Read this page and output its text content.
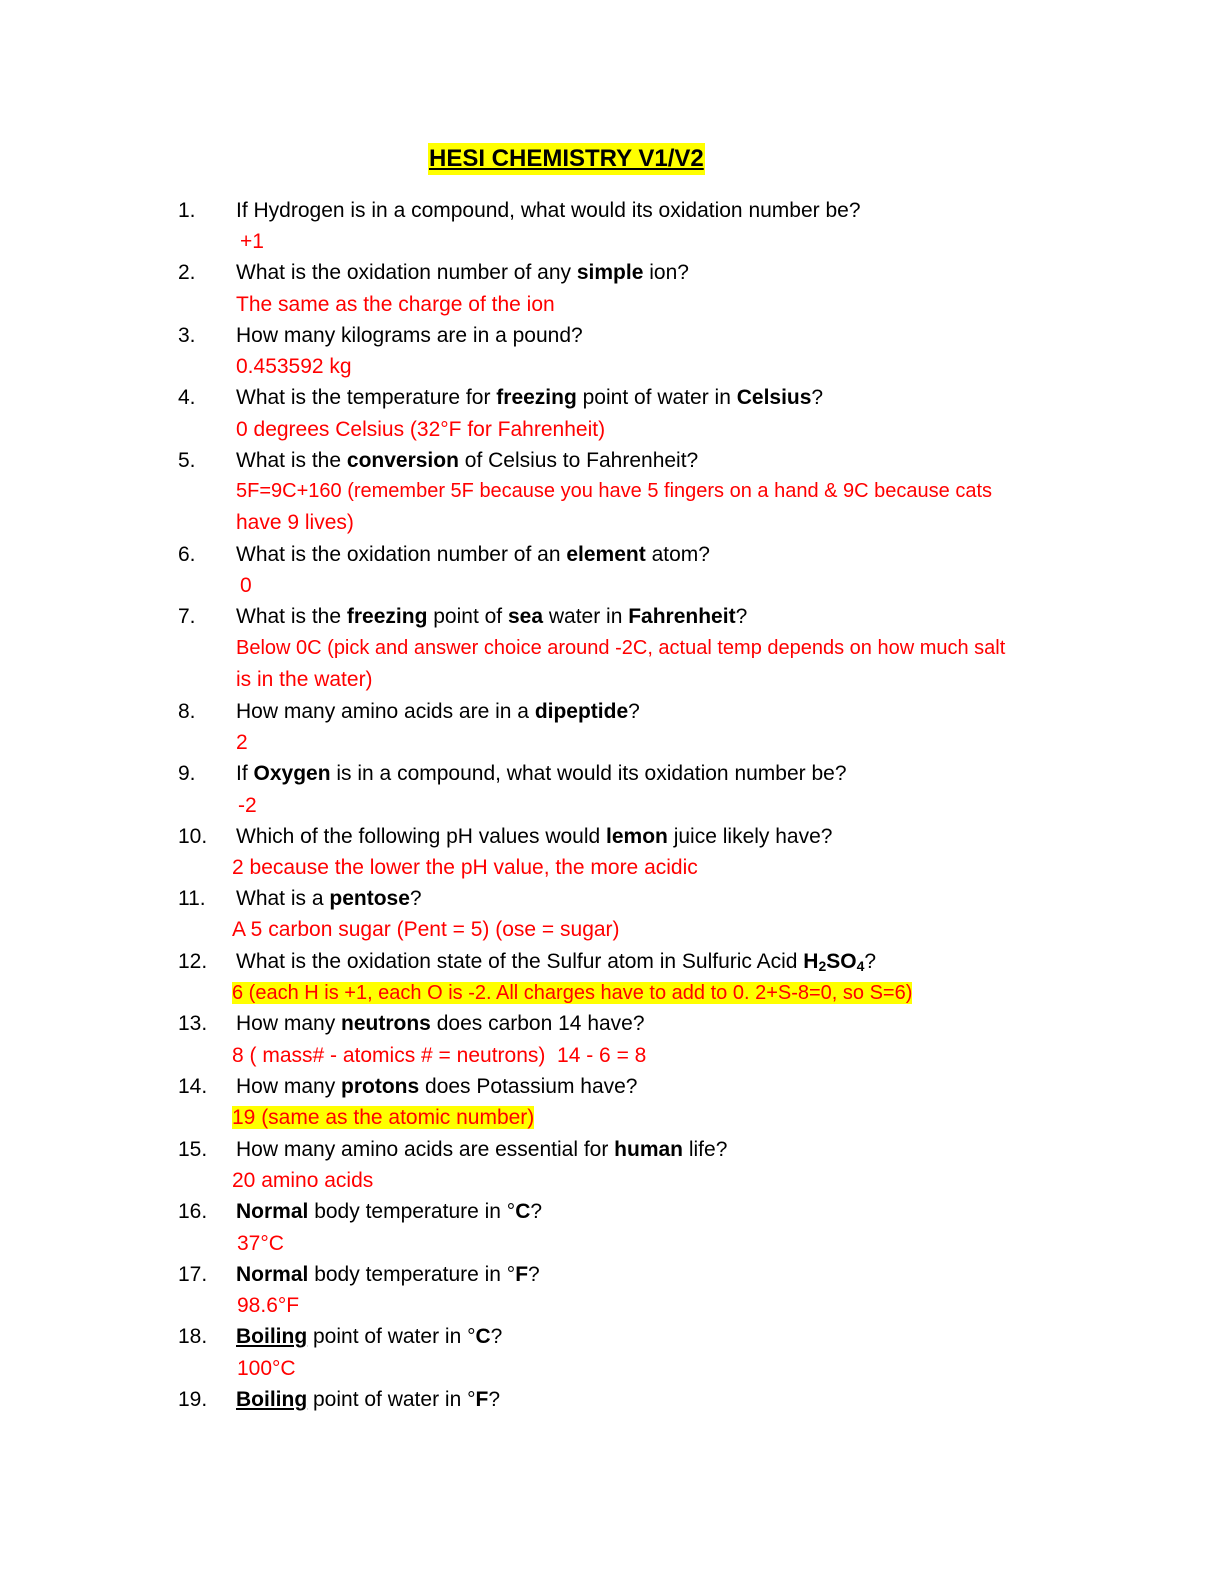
HESI CHEMISTRY V1/V2
1. If Hydrogen is in a compound, what would its oxidation number be?
+1
2. What is the oxidation number of any simple ion?
The same as the charge of the ion
3. How many kilograms are in a pound?
0.453592 kg
4. What is the temperature for freezing point of water in Celsius?
0 degrees Celsius (32°F for Fahrenheit)
5. What is the conversion of Celsius to Fahrenheit?
5F=9C+160 (remember 5F because you have 5 fingers on a hand & 9C because cats
have 9 lives)
6. What is the oxidation number of an element atom?
0
7. What is the freezing point of sea water in Fahrenheit?
Below 0C (pick and answer choice around -2C, actual temp depends on how much salt
is in the water)
8. How many amino acids are in a dipeptide?
2
9. If Oxygen is in a compound, what would its oxidation number be?
-2
10. Which of the following pH values would lemon juice likely have?
2 because the lower the pH value, the more acidic
11. What is a pentose?
A 5 carbon sugar (Pent = 5) (ose = sugar)
12. What is the oxidation state of the Sulfur atom in Sulfuric Acid $H_2SO_4$?
6 (each H is +1, each O is -2. All charges have to add to 0. 2+S-8=0, so S=6)
13. How many neutrons does carbon 14 have?
8 ( mass# - atomics # = neutrons)  14 - 6 = 8
14. How many protons does Potassium have?
19 (same as the atomic number)
15. How many amino acids are essential for human life?
20 amino acids
16. Normal body temperature in °C?
37°C
17. Normal body temperature in °F?
98.6°F
18. Boiling point of water in °C?
100°C
19. Boiling point of water in °F?
